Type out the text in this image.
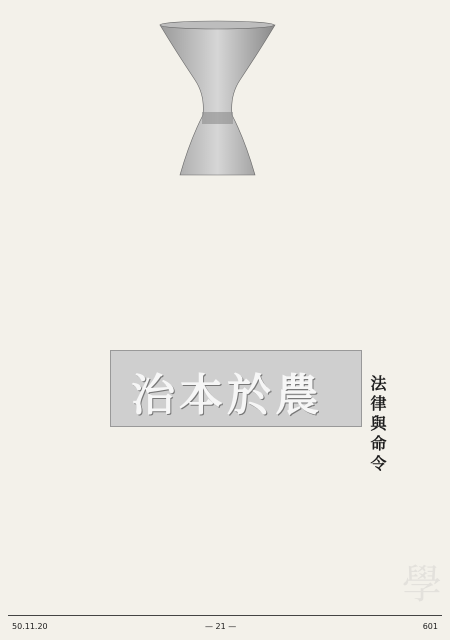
法律與命令
治本於農
學
50.11.20	— 21 —	601
